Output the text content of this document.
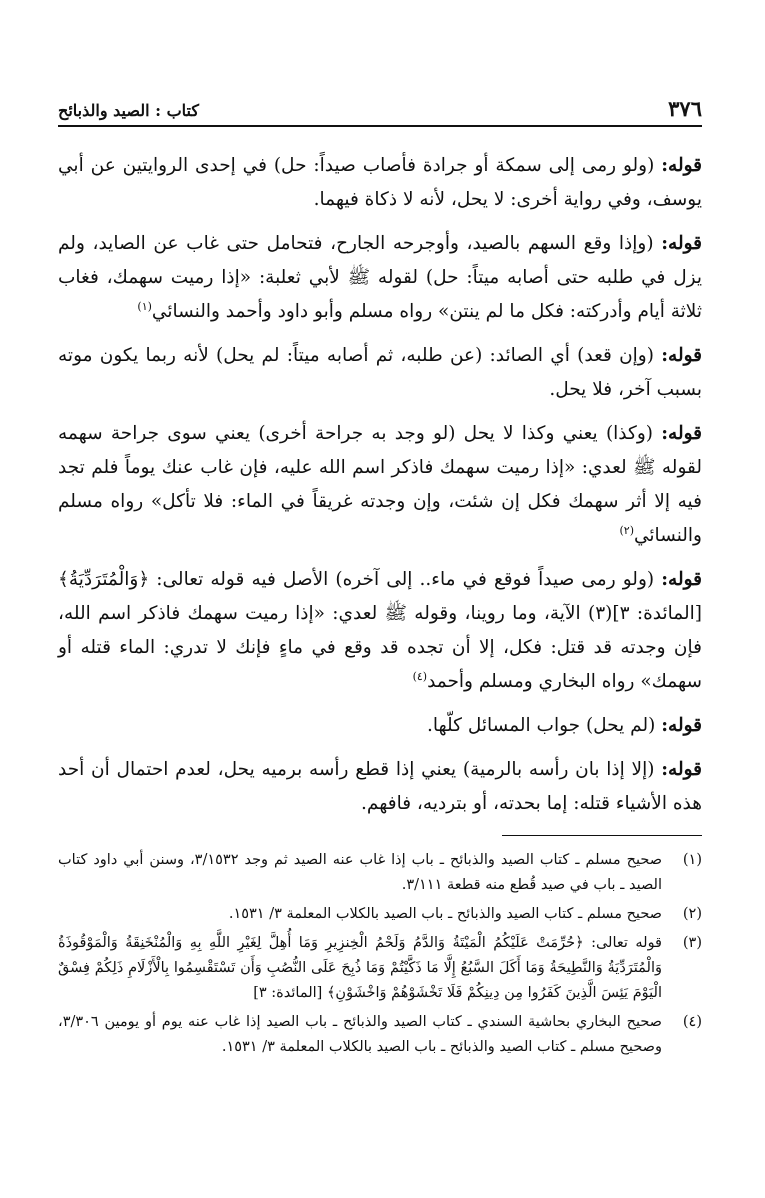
٣٧٦
كتاب : الصيد والذبائح

قوله: (ولو رمى إلى سمكة أو جرادة فأصاب صيداً: حل) في إحدى الروايتين عن أبي يوسف، وفي رواية أخرى: لا يحل، لأنه لا ذكاة فيهما.

قوله: (وإذا وقع السهم بالصيد، وأوجرحه الجارح، فتحامل حتى غاب عن الصايد، ولم يزل في طلبه حتى أصابه ميتاً: حل) لقوله ﷺ لأبي ثعلبة: «إذا رميت سهمك، فغاب ثلاثة أيام وأدركته: فكل ما لم ينتن» رواه مسلم وأبو داود وأحمد والنسائي$^{(١)}$

قوله: (وإن قعد) أي الصائد: (عن طلبه، ثم أصابه ميتاً: لم يحل) لأنه ربما يكون موته بسبب آخر، فلا يحل.

قوله: (وكذا) يعني وكذا لا يحل (لو وجد به جراحة أخرى) يعني سوى جراحة سهمه لقوله ﷺ لعدي: «إذا رميت سهمك فاذكر اسم الله عليه، فإن غاب عنك يوماً فلم تجد فيه إلا أثر سهمك فكل إن شئت، وإن وجدته غريقاً في الماء: فلا تأكل» رواه مسلم والنسائي$^{(٢)}$

قوله: (ولو رمى صيداً فوقع في ماء.. إلى آخره) الأصل فيه قوله تعالى: ﴿وَالْمُتَرَدِّيَةُ﴾ [المائدة: ٣](٣) الآية، وما روينا، وقوله ﷺ لعدي: «إذا رميت سهمك فاذكر اسم الله، فإن وجدته قد قتل: فكل، إلا أن تجده قد وقع في ماءٍ فإنك لا تدري: الماء قتله أو سهمك» رواه البخاري ومسلم وأحمد$^{(٤)}$

قوله: (لم يحل) جواب المسائل كلّها.

قوله: (إلا إذا بان رأسه بالرمية) يعني إذا قطع رأسه برميه يحل، لعدم احتمال أن أحد هذه الأشياء قتله: إما بحدته، أو بترديه، فافهم.

(١)
صحيح مسلم ـ كتاب الصيد والذبائح ـ باب إذا غاب عنه الصيد ثم وجد ٣/١٥٣٢، وسنن أبي داود كتاب الصيد ـ باب في صيد قُطع منه قطعة ٣/١١١.
(٢)
صحيح مسلم ـ كتاب الصيد والذبائح ـ باب الصيد بالكلاب المعلمة ٣/ ١٥٣١.
(٣)
قوله تعالى: ﴿حُرِّمَتْ عَلَيْكُمُ الْمَيْتَةُ وَالدَّمُ وَلَحْمُ الْخِنزِيرِ وَمَا أُهِلَّ لِغَيْرِ اللَّهِ بِهِ وَالْمُنْخَنِقَةُ وَالْمَوْقُوذَةُ وَالْمُتَرَدِّيَةُ وَالنَّطِيحَةُ وَمَا أَكَلَ السَّبُعُ إِلَّا مَا ذَكَّيْتُمْ وَمَا ذُبِحَ عَلَى النُّصُبِ وَأَن تَسْتَقْسِمُوا بِالْأَزْلَامِ ذَلِكُمْ فِسْقٌ الْيَوْمَ يَئِسَ الَّذِينَ كَفَرُوا مِن دِينِكُمْ فَلَا تَخْشَوْهُمْ وَاخْشَوْنِ﴾ [المائدة: ٣]
(٤)
صحيح البخاري بحاشية السندي ـ كتاب الصيد والذبائح ـ باب الصيد إذا غاب عنه يوم أو يومين ٣/٣٠٦، وصحيح مسلم ـ كتاب الصيد والذبائح ـ باب الصيد بالكلاب المعلمة ٣/ ١٥٣١.
